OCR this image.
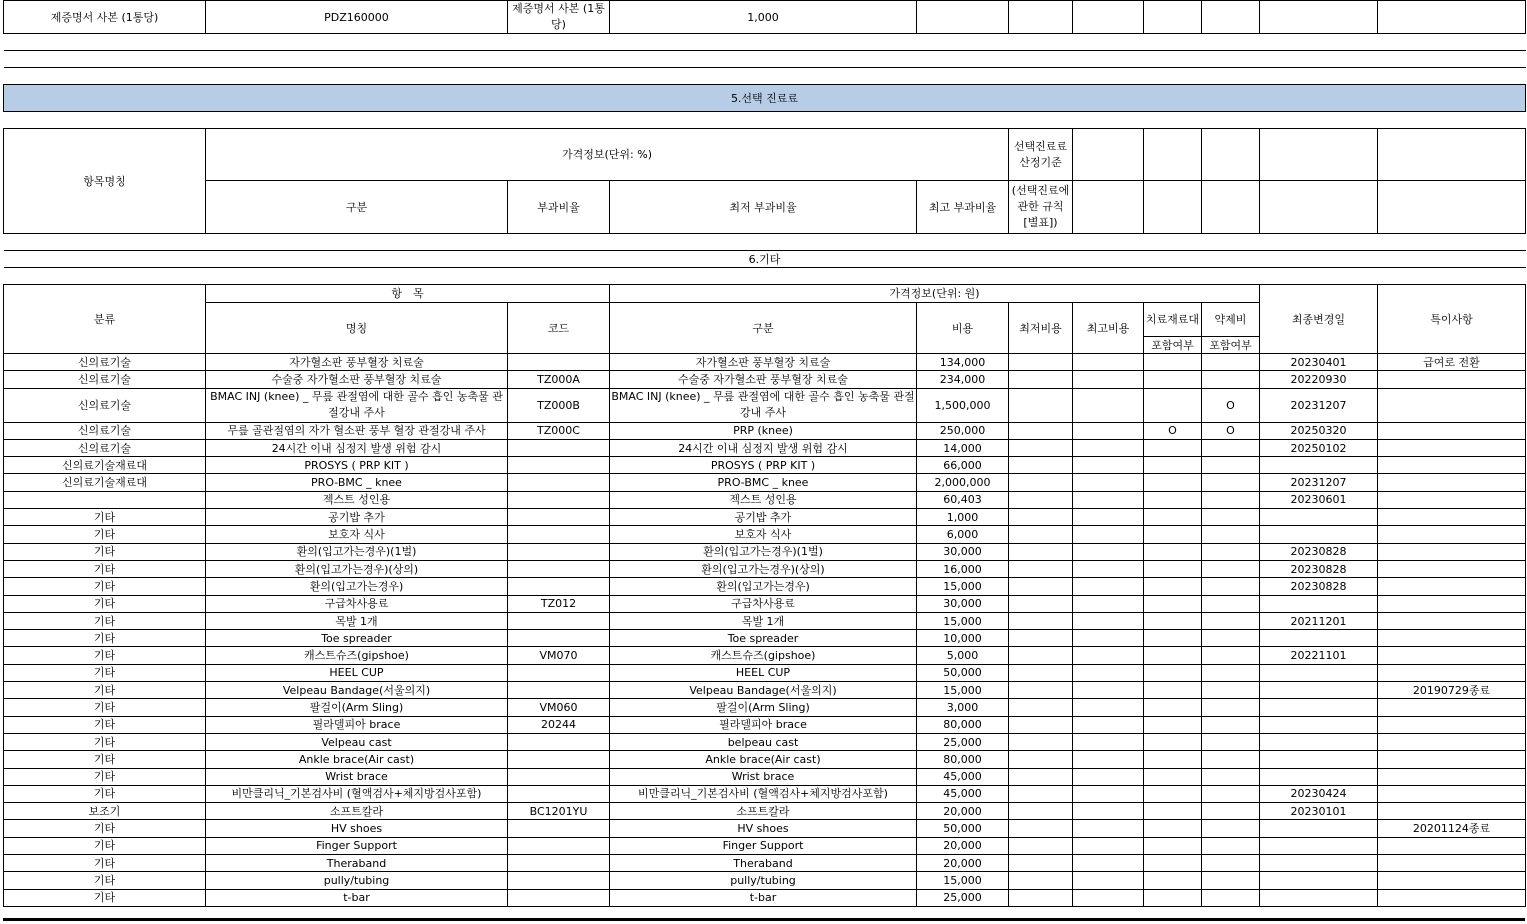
제증명서 사본 (1통당)	PDZ160000	제증명서 사본 (1통당)	1,000							

5.선택 진료료										

항목명칭	가격정보(단위: %)				선택진료료 산정기준					
	구분	부과비율	최저 부과비율	최고 부과비율	(선택진료에 관한 규칙 [별표])					

6.기타										

분류	항　목		가격정보(단위: 원)						최종변경일	특이사항
	명칭	코드	구분	비용	최저비용	최고비용	치료재료대	약제비		
							포함여부	포함여부		
신의료기술	자가혈소판 풍부혈장 치료술		자가혈소판 풍부혈장 치료술	134,000					20230401	급여로 전환
신의료기술	수술중 자가혈소판 풍부혈장 치료술	TZ000A	수술중 자가혈소판 풍부혈장 치료술	234,000					20220930	
신의료기술	BMAC INJ (knee) _ 무릎 관절염에 대한 골수 흡인 농축물 관절강내 주사	TZ000B	BMAC INJ (knee) _ 무릎 관절염에 대한 골수 흡인 농축물 관절강내 주사	1,500,000				O	20231207	
신의료기술	무릎 골관절염의 자가 혈소판 풍부 혈장 관절강내 주사	TZ000C	PRP (knee)	250,000			O	O	20250320	
신의료기술	24시간 이내 심정지 발생 위험 감시		24시간 이내 심정지 발생 위험 감시	14,000					20250102	
신의료기술재료대	PROSYS ( PRP KIT )		PROSYS ( PRP KIT )	66,000						
신의료기술재료대	PRO-BMC _ knee		PRO-BMC _ knee	2,000,000					20231207	
	젝스트 성인용		젝스트 성인용	60,403					20230601	
기타	공기밥 추가		공기밥 추가	1,000						
기타	보호자 식사		보호자 식사	6,000						
기타	환의(입고가는경우)(1벌)		환의(입고가는경우)(1벌)	30,000					20230828	
기타	환의(입고가는경우)(상의)		환의(입고가는경우)(상의)	16,000					20230828	
기타	환의(입고가는경우)		환의(입고가는경우)	15,000					20230828	
기타	구급차사용료	TZ012	구급차사용료	30,000						
기타	목발 1개		목발 1개	15,000					20211201	
기타	Toe spreader		Toe spreader	10,000						
기타	캐스트슈즈(gipshoe)	VM070	캐스트슈즈(gipshoe)	5,000					20221101	
기타	HEEL CUP		HEEL CUP	50,000						
기타	Velpeau Bandage(서울의지)		Velpeau Bandage(서울의지)	15,000						20190729종료
기타	팔걸이(Arm Sling)	VM060	팔걸이(Arm Sling)	3,000						
기타	필라델피아 brace	20244	필라델피아 brace	80,000						
기타	Velpeau cast		belpeau cast	25,000						
기타	Ankle brace(Air cast)		Ankle brace(Air cast)	80,000						
기타	Wrist brace		Wrist brace	45,000						
기타	비만클리닉_기본검사비 (혈액검사+체지방검사포함)		비만클리닉_기본검사비 (혈액검사+체지방검사포함)	45,000					20230424	
보조기	소프트칼라	BC1201YU	소프트칼라	20,000					20230101	
기타	HV shoes		HV shoes	50,000						20201124종료
기타	Finger Support		Finger Support	20,000						
기타	Theraband		Theraband	20,000						
기타	pully/tubing		pully/tubing	15,000						
기타	t-bar		t-bar	25,000						
